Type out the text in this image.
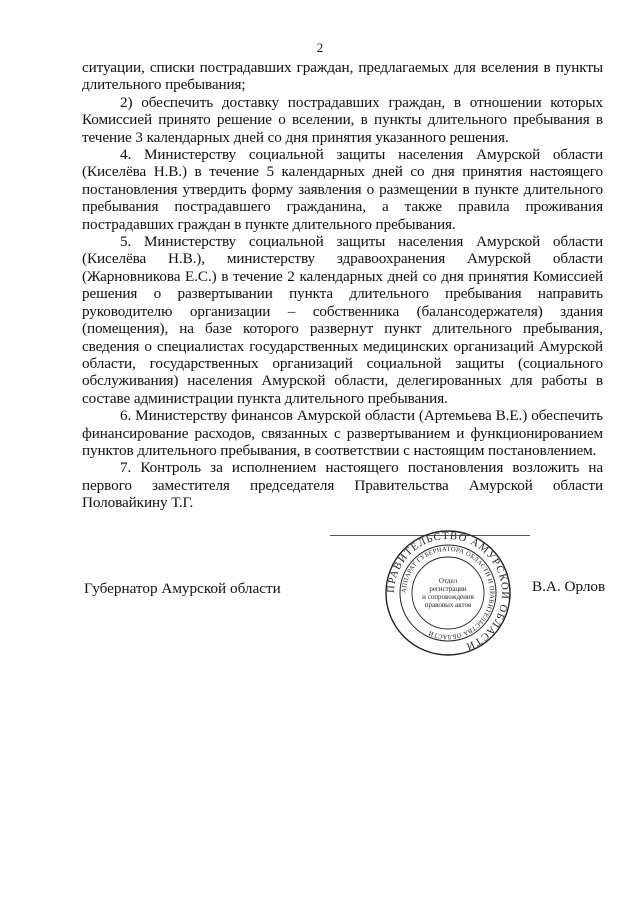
2

ситуации, списки пострадавших граждан, предлагаемых для вселения в пункты длительного пребывания;

2) обеспечить доставку пострадавших граждан, в отношении которых Комиссией принято решение о вселении, в пункты длительного пребывания в течение 3 календарных дней со дня принятия указанного решения.

4. Министерству социальной защиты населения Амурской области (Киселёва Н.В.) в течение 5 календарных дней со дня принятия настоящего постановления утвердить форму заявления о размещении в пункте длительного пребывания пострадавшего гражданина, а также правила проживания пострадавших граждан в пункте длительного пребывания.

5. Министерству социальной защиты населения Амурской области (Киселёва Н.В.), министерству здравоохранения Амурской области (Жарновникова Е.С.) в течение 2 календарных дней со дня принятия Комиссией решения о развертывании пункта длительного пребывания направить руководителю организации – собственника (балансодержателя) здания (помещения), на базе которого развернут пункт длительного пребывания, сведения о специалистах государственных медицинских организаций Амурской области, государственных организаций социальной защиты (социального обслуживания) населения Амурской области, делегированных для работы в составе администрации пункта длительного пребывания.

6. Министерству финансов Амурской области (Артемьева В.Е.) обеспечить финансирование расходов, связанных с развертыванием и функционированием пунктов длительного пребывания, в соответствии с настоящим постановлением.

7. Контроль за исполнением настоящего постановления возложить на первого заместителя председателя Правительства Амурской области Половайкину Т.Г.

Губернатор Амурской области	ПРАВИТЕЛЬСТВО АМУРСКОЙ ОБЛАСТИ
АППАРАТ ГУБЕРНАТОРА ОБЛАСТИ И ПРАВИТЕЛЬСТВА ОБЛАСТИ
Отдел
регистрации
и сопровождения
правовых актов
В.А. Орлов
